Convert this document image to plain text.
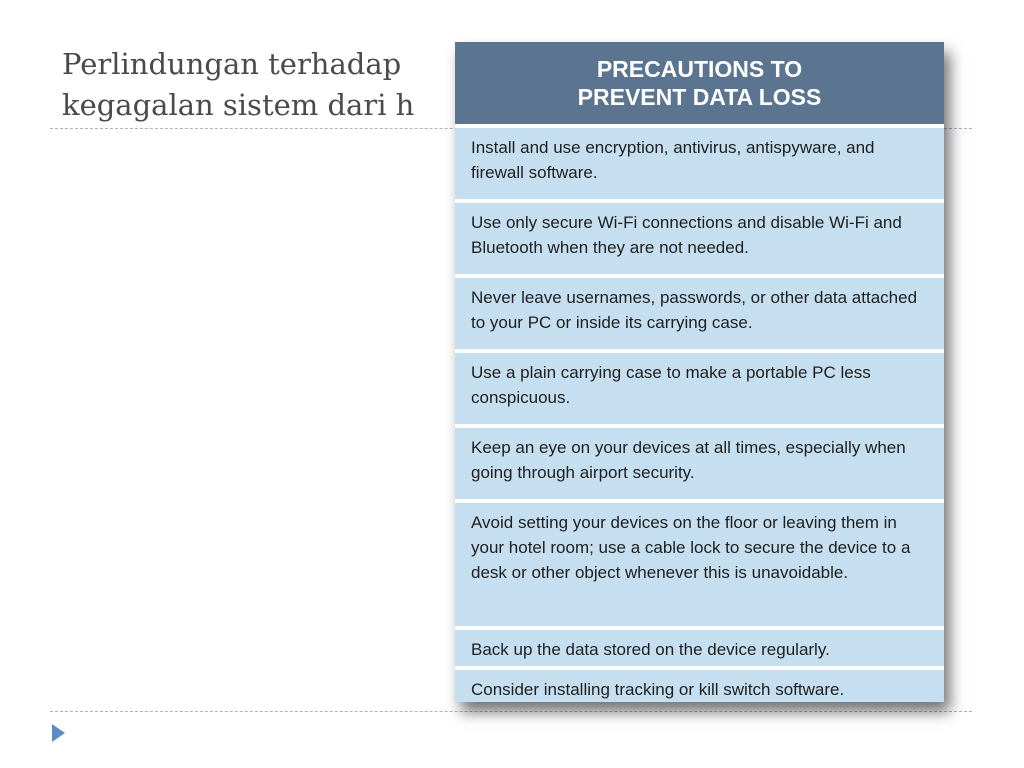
Perlindungan terhadap
kegagalan sistem dari h
PRECAUTIONS TO
PREVENT DATA LOSS
Install and use encryption, antivirus, antispyware, and firewall software.
Use only secure Wi-Fi connections and disable Wi-Fi and Bluetooth when they are not needed.
Never leave usernames, passwords, or other data attached to your PC or inside its carrying case.
Use a plain carrying case to make a portable PC less conspicuous.
Keep an eye on your devices at all times, especially when going through airport security.
Avoid setting your devices on the floor or leaving them in your hotel room; use a cable lock to secure the device to a desk or other object whenever this is unavoidable.
Back up the data stored on the device regularly.
Consider installing tracking or kill switch software.
